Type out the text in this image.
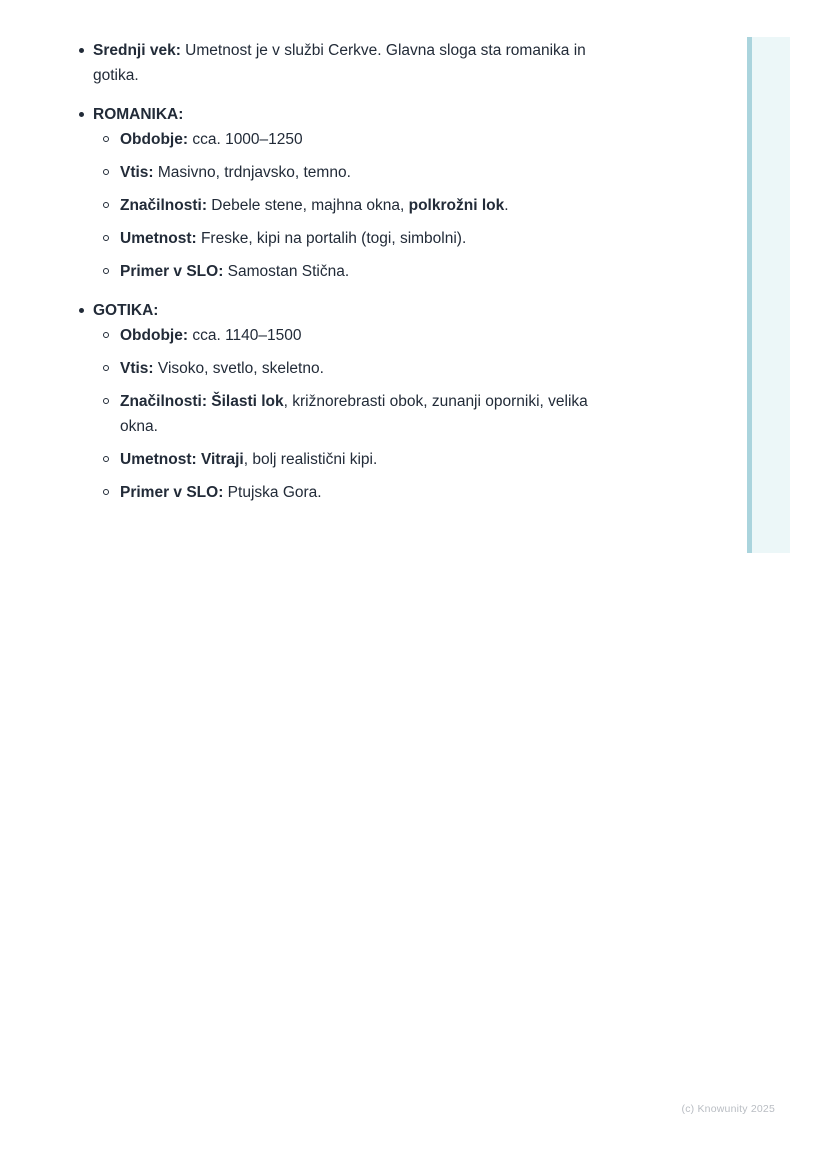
Srednji vek: Umetnost je v službi Cerkve. Glavna sloga sta romanika in gotika.
ROMANIKA:
Obdobje: cca. 1000–1250
Vtis: Masivno, trdnjavsko, temno.
Značilnosti: Debele stene, majhna okna, polkrožni lok.
Umetnost: Freske, kipi na portalih (togi, simbolni).
Primer v SLO: Samostan Stična.
GOTIKA:
Obdobje: cca. 1140–1500
Vtis: Visoko, svetlo, skeletno.
Značilnosti: Šilasti lok, križnorebrasti obok, zunanji oporniki, velika okna.
Umetnost: Vitraji, bolj realistični kipi.
Primer v SLO: Ptujska Gora.
(c) Knowunity 2025
